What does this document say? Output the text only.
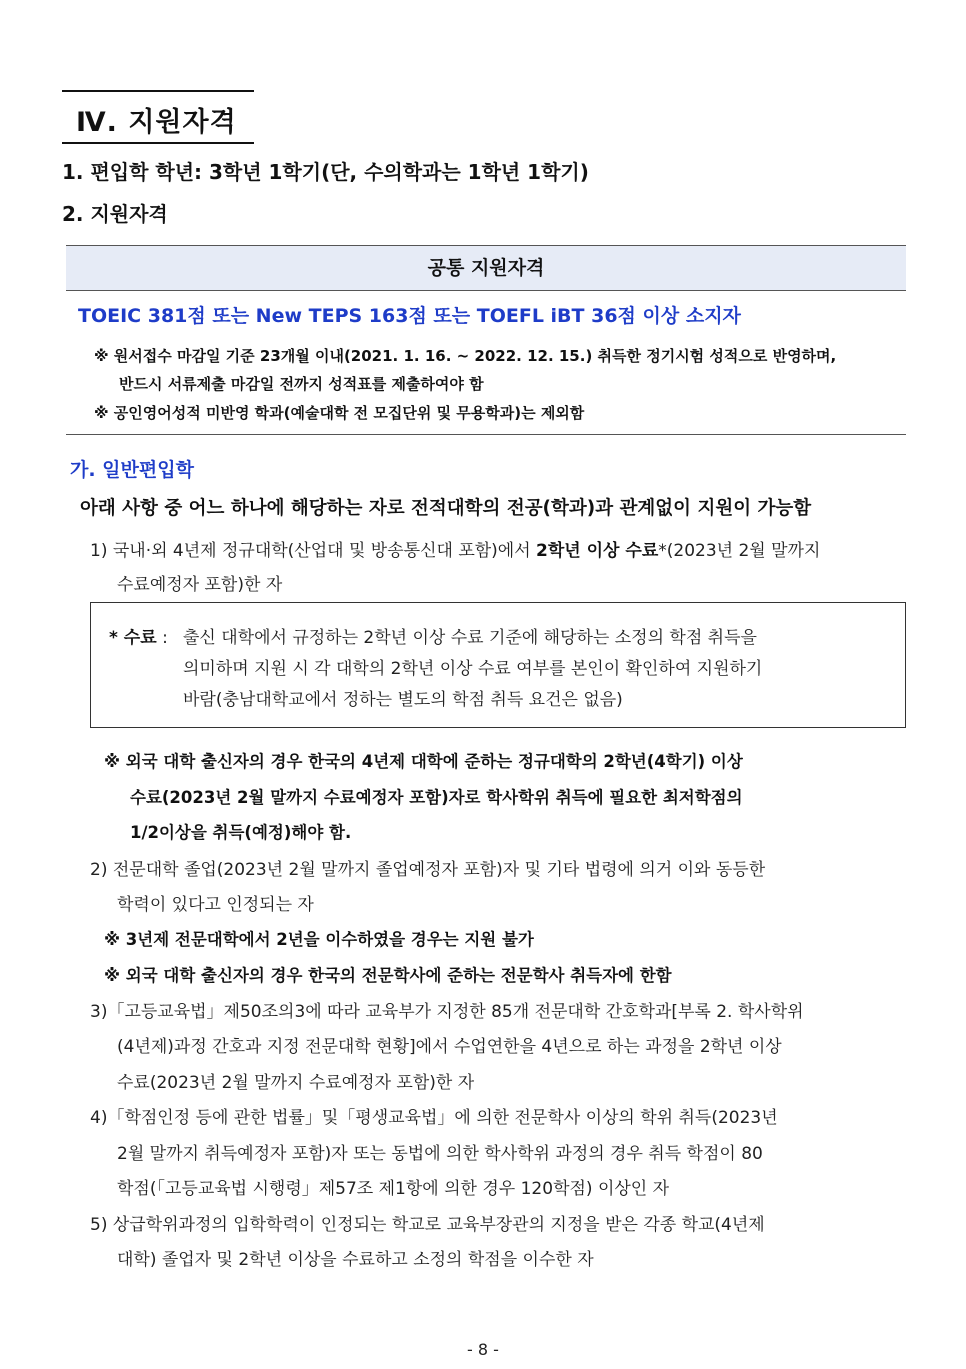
Ⅳ. 지원자격
1. 편입학 학년: 3학년 1학기(단, 수의학과는 1학년 1학기)
2. 지원자격
공통 지원자격
TOEIC 381점 또는 New TEPS 163점 또는 TOEFL iBT 36점 이상 소지자
※ 원서접수 마감일 기준 23개월 이내(2021. 1. 16. ~ 2022. 12. 15.) 취득한 정기시험 성적으로 반영하며,
반드시 서류제출 마감일 전까지 성적표를 제출하여야 함
※ 공인영어성적 미반영 학과(예술대학 전 모집단위 및 무용학과)는 제외함
가. 일반편입학
아래 사항 중 어느 하나에 해당하는 자로 전적대학의 전공(학과)과 관계없이 지원이 가능함
1) 국내·외 4년제 정규대학(산업대 및 방송통신대 포함)에서 2학년 이상 수료*(2023년 2월 말까지
수료예정자 포함)한 자
* 수료 : 출신 대학에서 규정하는 2학년 이상 수료 기준에 해당하는 소정의 학점 취득을
의미하며 지원 시 각 대학의 2학년 이상 수료 여부를 본인이 확인하여 지원하기
바람(충남대학교에서 정하는 별도의 학점 취득 요건은 없음)
※ 외국 대학 출신자의 경우 한국의 4년제 대학에 준하는 정규대학의 2학년(4학기) 이상
수료(2023년 2월 말까지 수료예정자 포함)자로 학사학위 취득에 필요한 최저학점의
1/2이상을 취득(예정)해야 함.
2) 전문대학 졸업(2023년 2월 말까지 졸업예정자 포함)자 및 기타 법령에 의거 이와 동등한
학력이 있다고 인정되는 자
※ 3년제 전문대학에서 2년을 이수하였을 경우는 지원 불가
※ 외국 대학 출신자의 경우 한국의 전문학사에 준하는 전문학사 취득자에 한함
3)「고등교육법」제50조의3에 따라 교육부가 지정한 85개 전문대학 간호학과[부록 2. 학사학위
(4년제)과정 간호과 지정 전문대학 현황]에서 수업연한을 4년으로 하는 과정을 2학년 이상
수료(2023년 2월 말까지 수료예정자 포함)한 자
4)「학점인정 등에 관한 법률」및「평생교육법」에 의한 전문학사 이상의 학위 취득(2023년
2월 말까지 취득예정자 포함)자 또는 동법에 의한 학사학위 과정의 경우 취득 학점이 80
학점(「고등교육법 시행령」제57조 제1항에 의한 경우 120학점) 이상인 자
5) 상급학위과정의 입학학력이 인정되는 학교로 교육부장관의 지정을 받은 각종 학교(4년제
대학) 졸업자 및 2학년 이상을 수료하고 소정의 학점을 이수한 자
- 8 -
